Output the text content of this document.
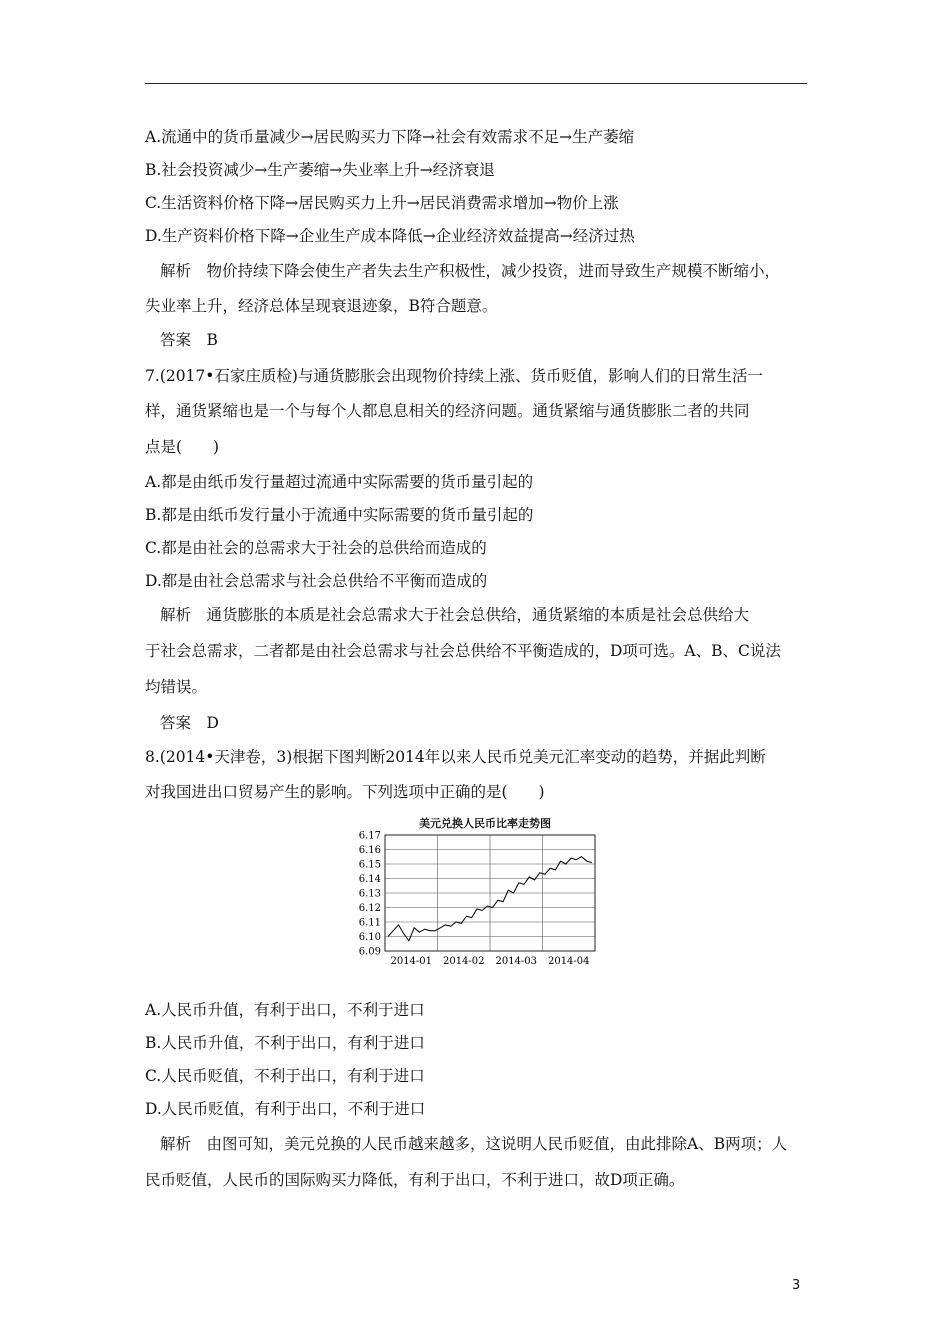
A.流通中的货币量减少→居民购买力下降→社会有效需求不足→生产萎缩
B.社会投资减少→生产萎缩→失业率上升→经济衰退
C.生活资料价格下降→居民购买力上升→居民消费需求增加→物价上涨
D.生产资料价格下降→企业生产成本降低→企业经济效益提高→经济过热
解析　物价持续下降会使生产者失去生产积极性，减少投资，进而导致生产规模不断缩小，
失业率上升，经济总体呈现衰退迹象，B符合题意。
答案　B
7.(2017•石家庄质检)与通货膨胀会出现物价持续上涨、货币贬值，影响人们的日常生活一
样，通货紧缩也是一个与每个人都息息相关的经济问题。通货紧缩与通货膨胀二者的共同
点是(　　)
A.都是由纸币发行量超过流通中实际需要的货币量引起的
B.都是由纸币发行量小于流通中实际需要的货币量引起的
C.都是由社会的总需求大于社会的总供给而造成的
D.都是由社会总需求与社会总供给不平衡而造成的
解析　通货膨胀的本质是社会总需求大于社会总供给，通货紧缩的本质是社会总供给大
于社会总需求，二者都是由社会总需求与社会总供给不平衡造成的，D项可选。A、B、C说法
均错误。
答案　D
8.(2014•天津卷，3)根据下图判断2014年以来人民币兑美元汇率变动的趋势，并据此判断
对我国进出口贸易产生的影响。下列选项中正确的是(　　)
美元兑换人民币比率走势图
6.17
6.16
6.15
6.14
6.13
6.12
6.11
6.10
6.09
2014-01 2014-02 2014-03 2014-04
A.人民币升值，有利于出口，不利于进口
B.人民币升值，不利于出口，有利于进口
C.人民币贬值，不利于出口，有利于进口
D.人民币贬值，有利于出口，不利于进口
解析　由图可知，美元兑换的人民币越来越多，这说明人民币贬值，由此排除A、B两项；人
民币贬值，人民币的国际购买力降低，有利于出口，不利于进口，故D项正确。
3
